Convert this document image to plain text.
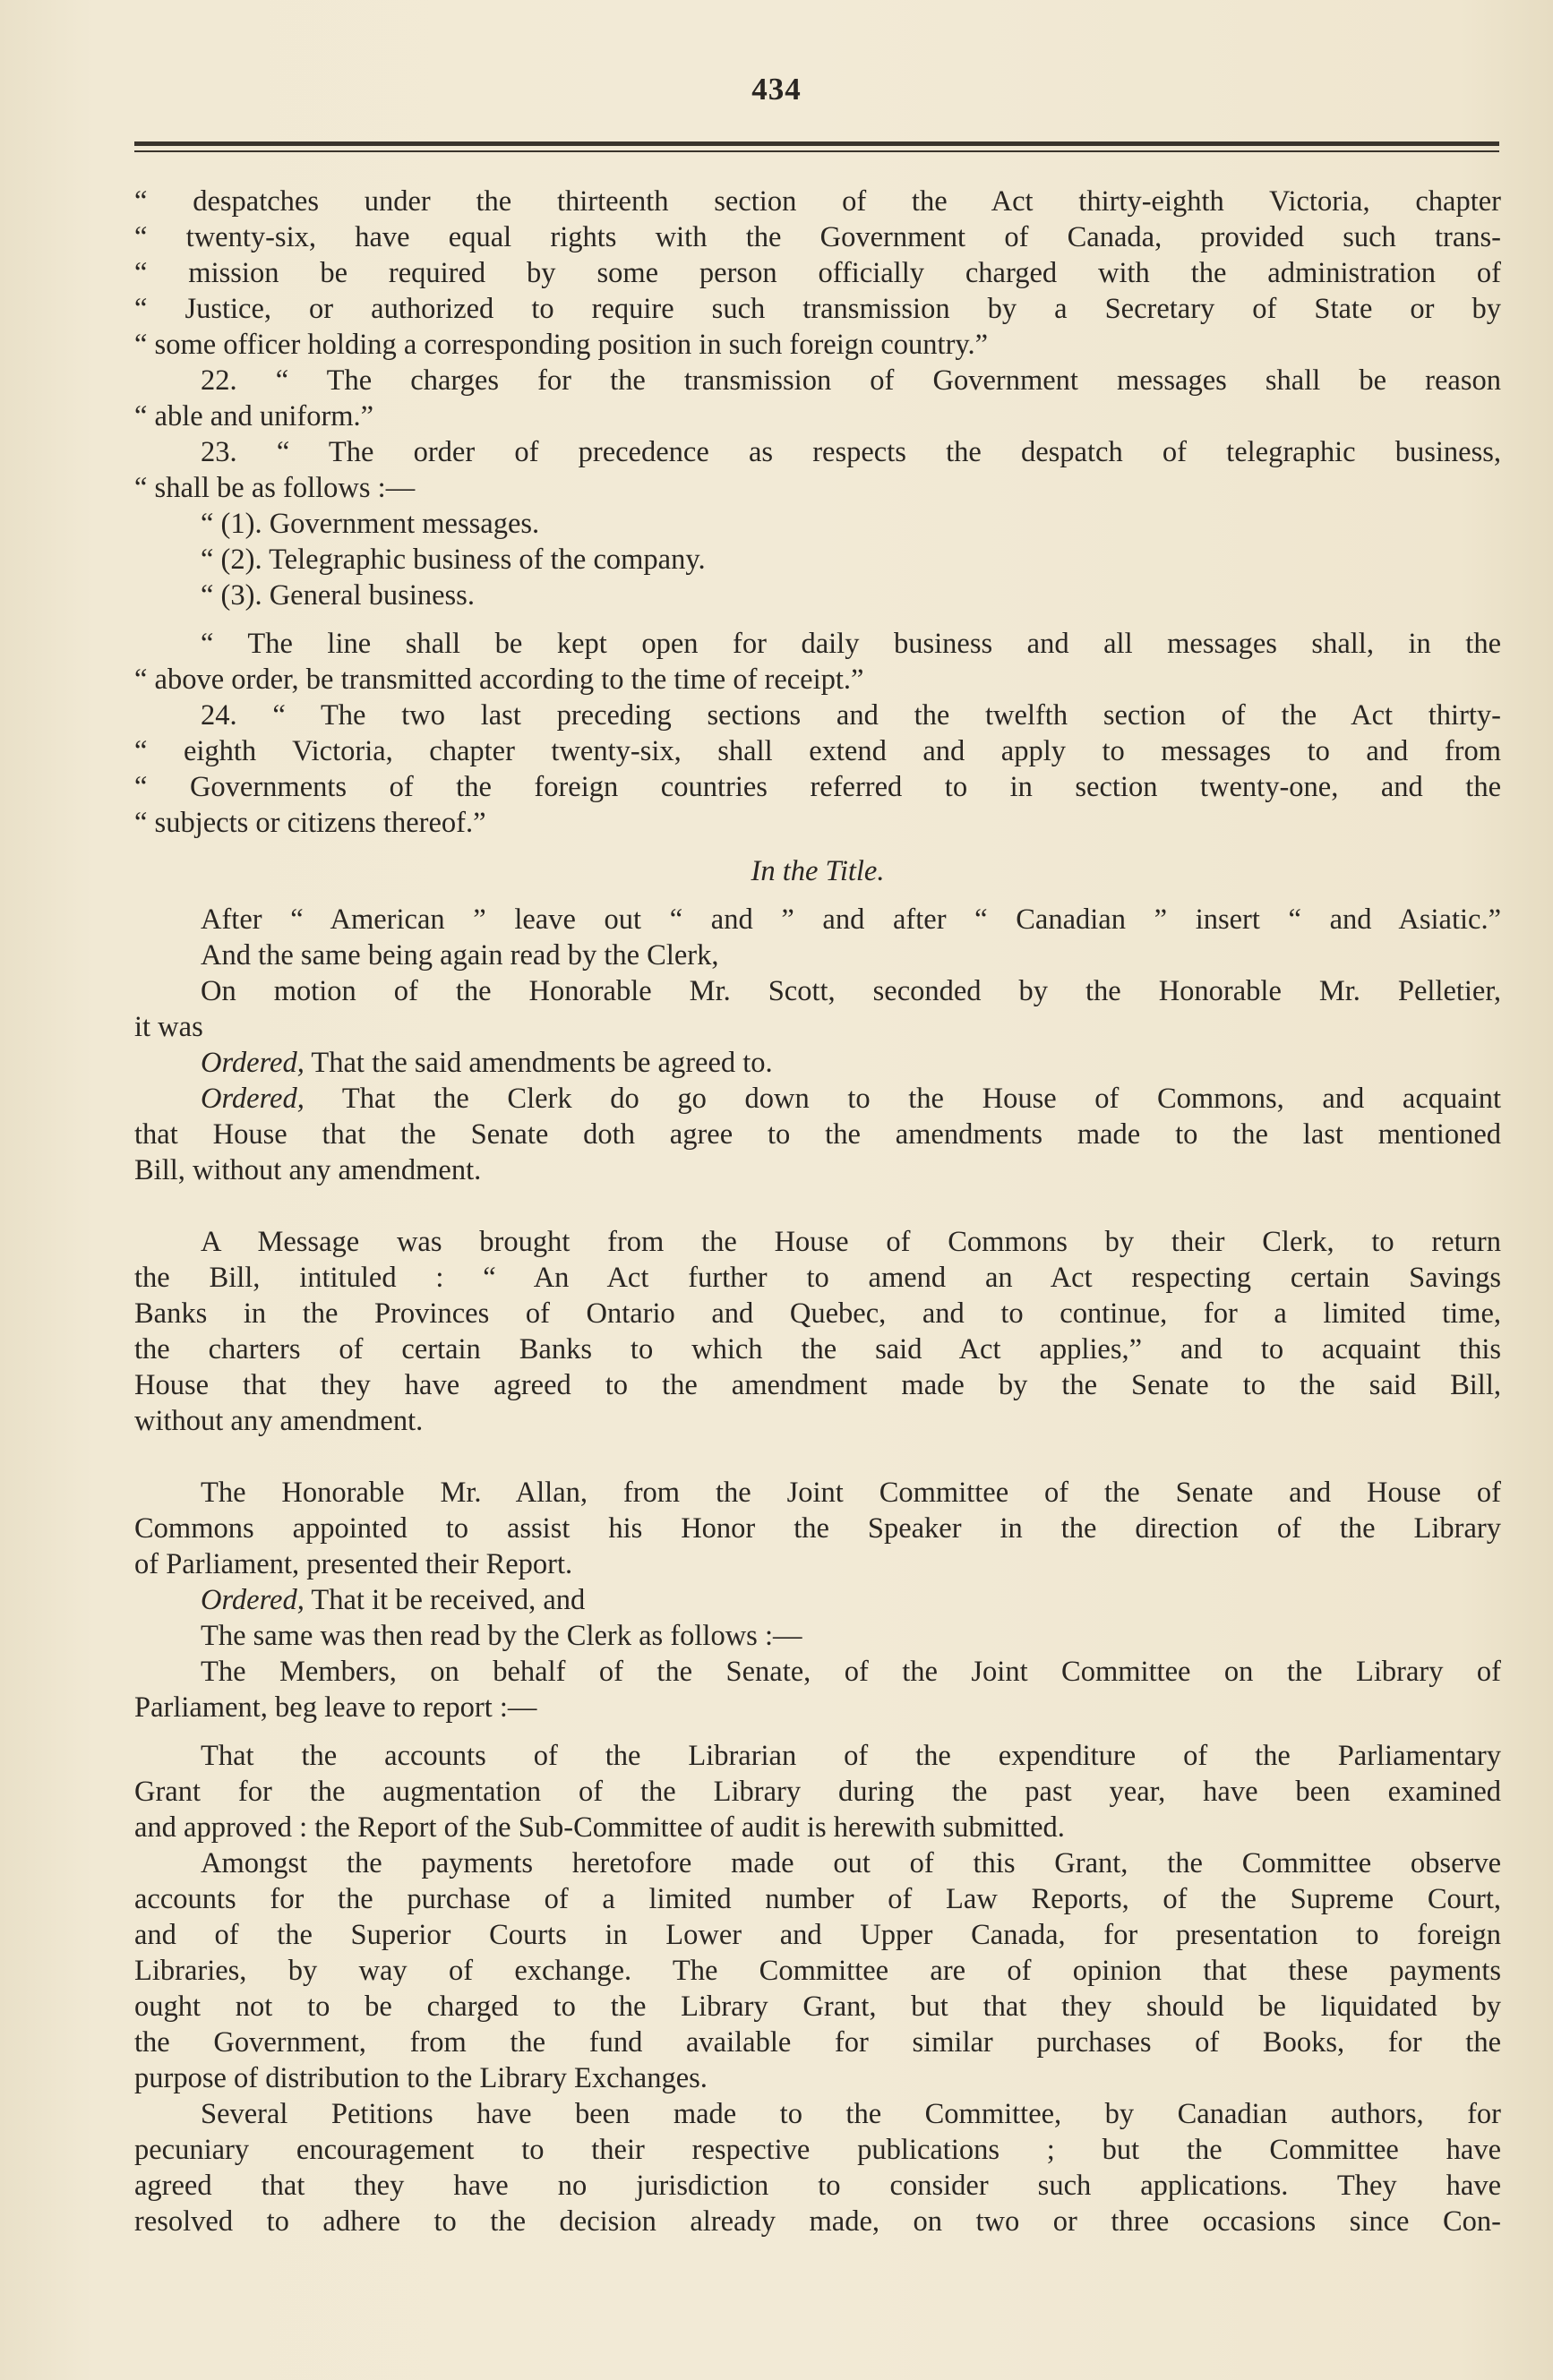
434
“ despatches under the thirteenth section of the Act thirty-eighth Victoria, chapter
“ twenty-six, have equal rights with the Government of Canada, provided such trans-
“ mission be required by some person officially charged with the administration of
“ Justice, or authorized to require such transmission by a Secretary of State or by
“ some officer holding a corresponding position in such foreign country.”
22. “ The charges for the transmission of Government messages shall be reason
“ able and uniform.”
23. “ The order of precedence as respects the despatch of telegraphic business,
“ shall be as follows :—
“ (1). Government messages.
“ (2). Telegraphic business of the company.
“ (3). General business.
“ The line shall be kept open for daily business and all messages shall, in the
“ above order, be transmitted according to the time of receipt.”
24. “ The two last preceding sections and the twelfth section of the Act thirty-
“ eighth Victoria, chapter twenty-six, shall extend and apply to messages to and from
“ Governments of the foreign countries referred to in section twenty-one, and the
“ subjects or citizens thereof.”
In the Title.
After “ American ” leave out “ and ” and after “ Canadian ” insert “ and Asiatic.”
And the same being again read by the Clerk,
On motion of the Honorable Mr. Scott, seconded by the Honorable Mr. Pelletier,
it was
Ordered, That the said amendments be agreed to.
Ordered, That the Clerk do go down to the House of Commons, and acquaint
that House that the Senate doth agree to the amendments made to the last mentioned
Bill, without any amendment.
A Message was brought from the House of Commons by their Clerk, to return
the Bill, intituled : “ An Act further to amend an Act respecting certain Savings
Banks in the Provinces of Ontario and Quebec, and to continue, for a limited time,
the charters of certain Banks to which the said Act applies,” and to acquaint this
House that they have agreed to the amendment made by the Senate to the said Bill,
without any amendment.
The Honorable Mr. Allan, from the Joint Committee of the Senate and House of
Commons appointed to assist his Honor the Speaker in the direction of the Library
of Parliament, presented their Report.
Ordered, That it be received, and
The same was then read by the Clerk as follows :—
The Members, on behalf of the Senate, of the Joint Committee on the Library of
Parliament, beg leave to report :—
That the accounts of the Librarian of the expenditure of the Parliamentary
Grant for the augmentation of the Library during the past year, have been examined
and approved : the Report of the Sub-Committee of audit is herewith submitted.
Amongst the payments heretofore made out of this Grant, the Committee observe
accounts for the purchase of a limited number of Law Reports, of the Supreme Court,
and of the Superior Courts in Lower and Upper Canada, for presentation to foreign
Libraries, by way of exchange. The Committee are of opinion that these payments
ought not to be charged to the Library Grant, but that they should be liquidated by
the Government, from the fund available for similar purchases of Books, for the
purpose of distribution to the Library Exchanges.
Several Petitions have been made to the Committee, by Canadian authors, for
pecuniary encouragement to their respective publications ; but the Committee have
agreed that they have no jurisdiction to consider such applications. They have
resolved to adhere to the decision already made, on two or three occasions since Con-
